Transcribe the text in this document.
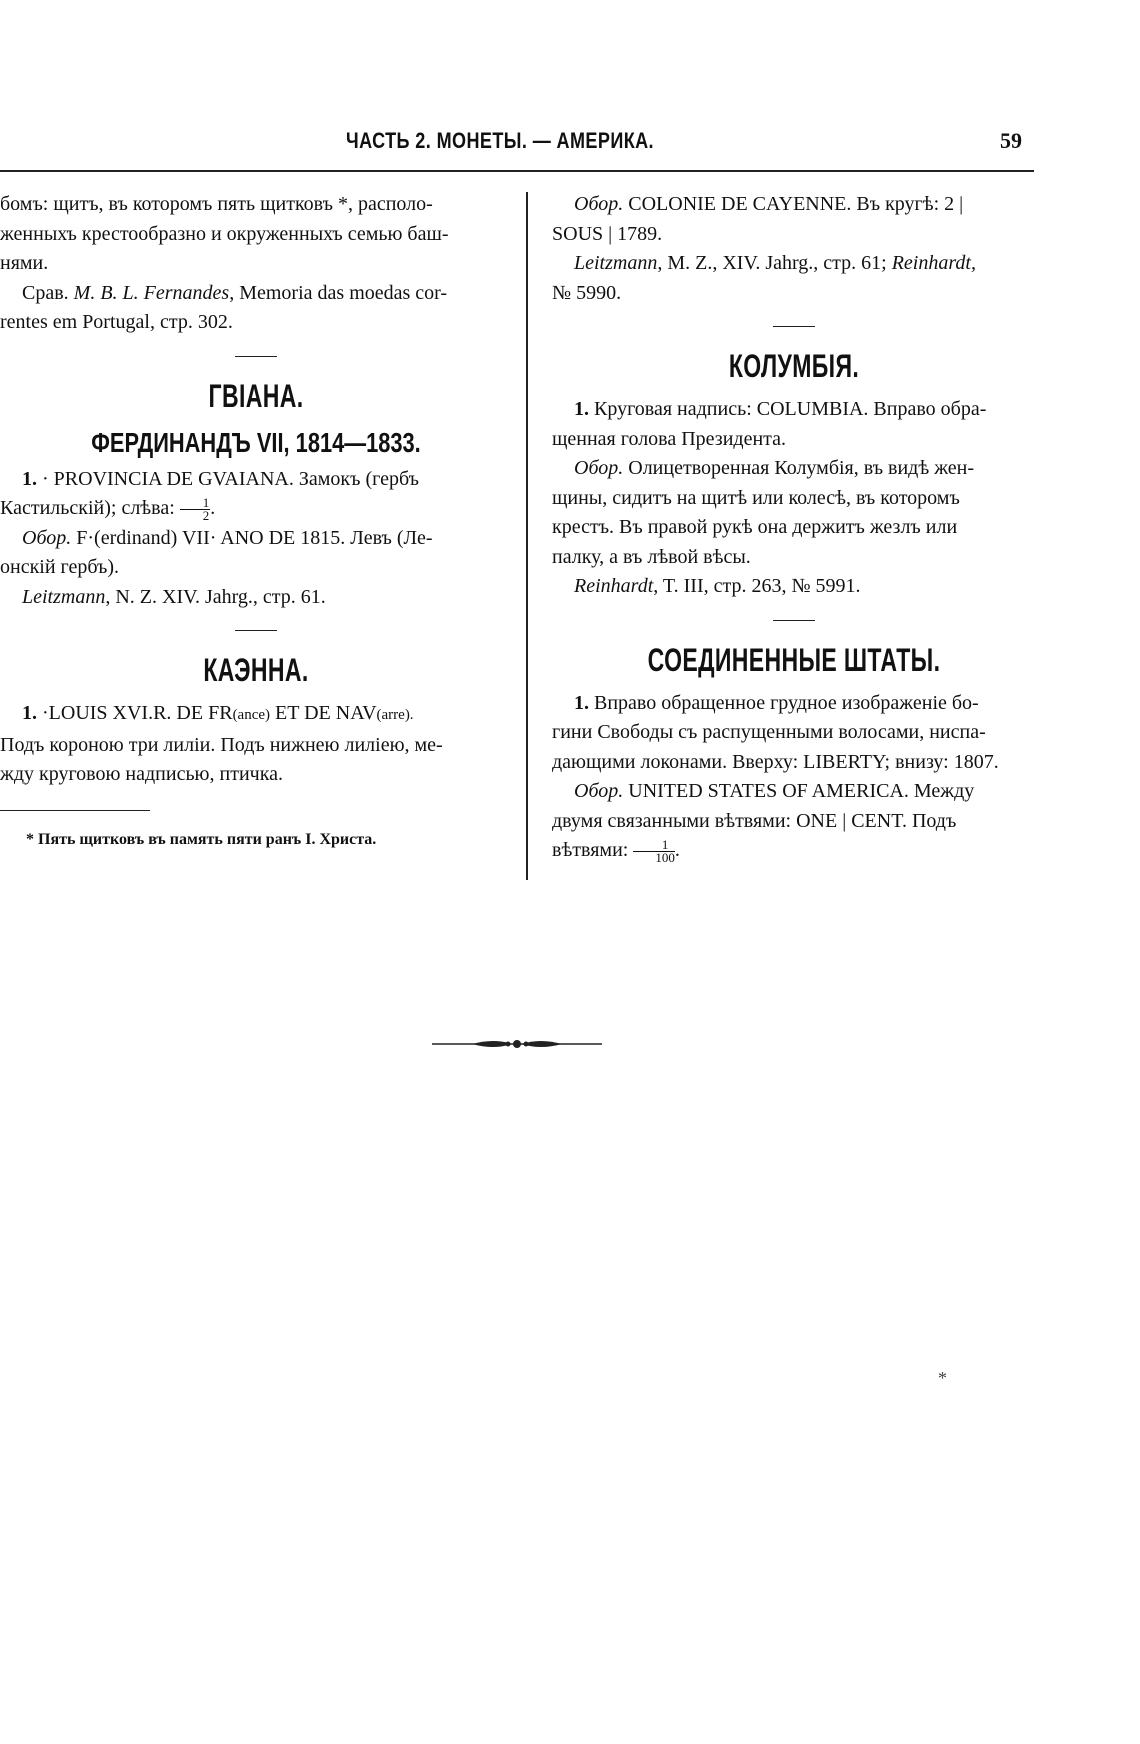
ЧАСТЬ 2. МОНЕТЫ. — АМЕРИКА.	59

бомъ: щитъ, въ которомъ пять щитковъ *, располо-
женныхъ крестообразно и окруженныхъ семью баш-
нями.

Срав. M. B. L. Fernandes, Memoria das moedas cor-
rentes em Portugal, стр. 302.

ГВІАНА.
ФЕРДИНАНДЪ VII, 1814—1833.

1. · PROVINCIA DE GVAIANA. Замокъ (гербъ
Кастильскій); слѣва: $\frac{1}{2}$ .

Обор. F·(erdinand) VII· ANO DE 1815. Левъ (Ле-
онскій гербъ).

Leitzmann, N. Z. XIV. Jahrg., стр. 61.

КАЭННА.

1. ·LOUIS XVI.R. DE FR(ance) ET DE NAV(arre).
Подъ короною три лиліи. Подъ нижнею лиліею, ме-
жду круговою надписью, птичка.

* Пять щитковъ въ память пяти ранъ I. Христа.

Обор. COLONIE DE CAYENNE. Въ кругѣ: 2 |
SOUS | 1789.

Leitzmann, M. Z., XIV. Jahrg., стр. 61; Reinhardt,
№ 5990.

КОЛУМБІЯ.

1. Круговая надпись: COLUMBIA. Вправо обра-
щенная голова Президента.

Обор. Олицетворенная Колумбія, въ видѣ жен-
щины, сидитъ на щитѣ или колесѣ, въ которомъ
крестъ. Въ правой рукѣ она держитъ жезлъ или
палку, а въ лѣвой вѣсы.

Reinhardt, T. III, стр. 263, № 5991.

СОЕДИНЕННЫЕ ШТАТЫ.

1. Вправо обращенное грудное изображеніе бо-
гини Свободы съ распущенными волосами, ниспа-
дающими локонами. Вверху: LIBERTY; внизу: 1807.

Обор. UNITED STATES OF AMERICA. Между
двумя связанными вѣтвями: ONE | CENT. Подъ
вѣтвями: $\frac{1}{100}$ .

*
